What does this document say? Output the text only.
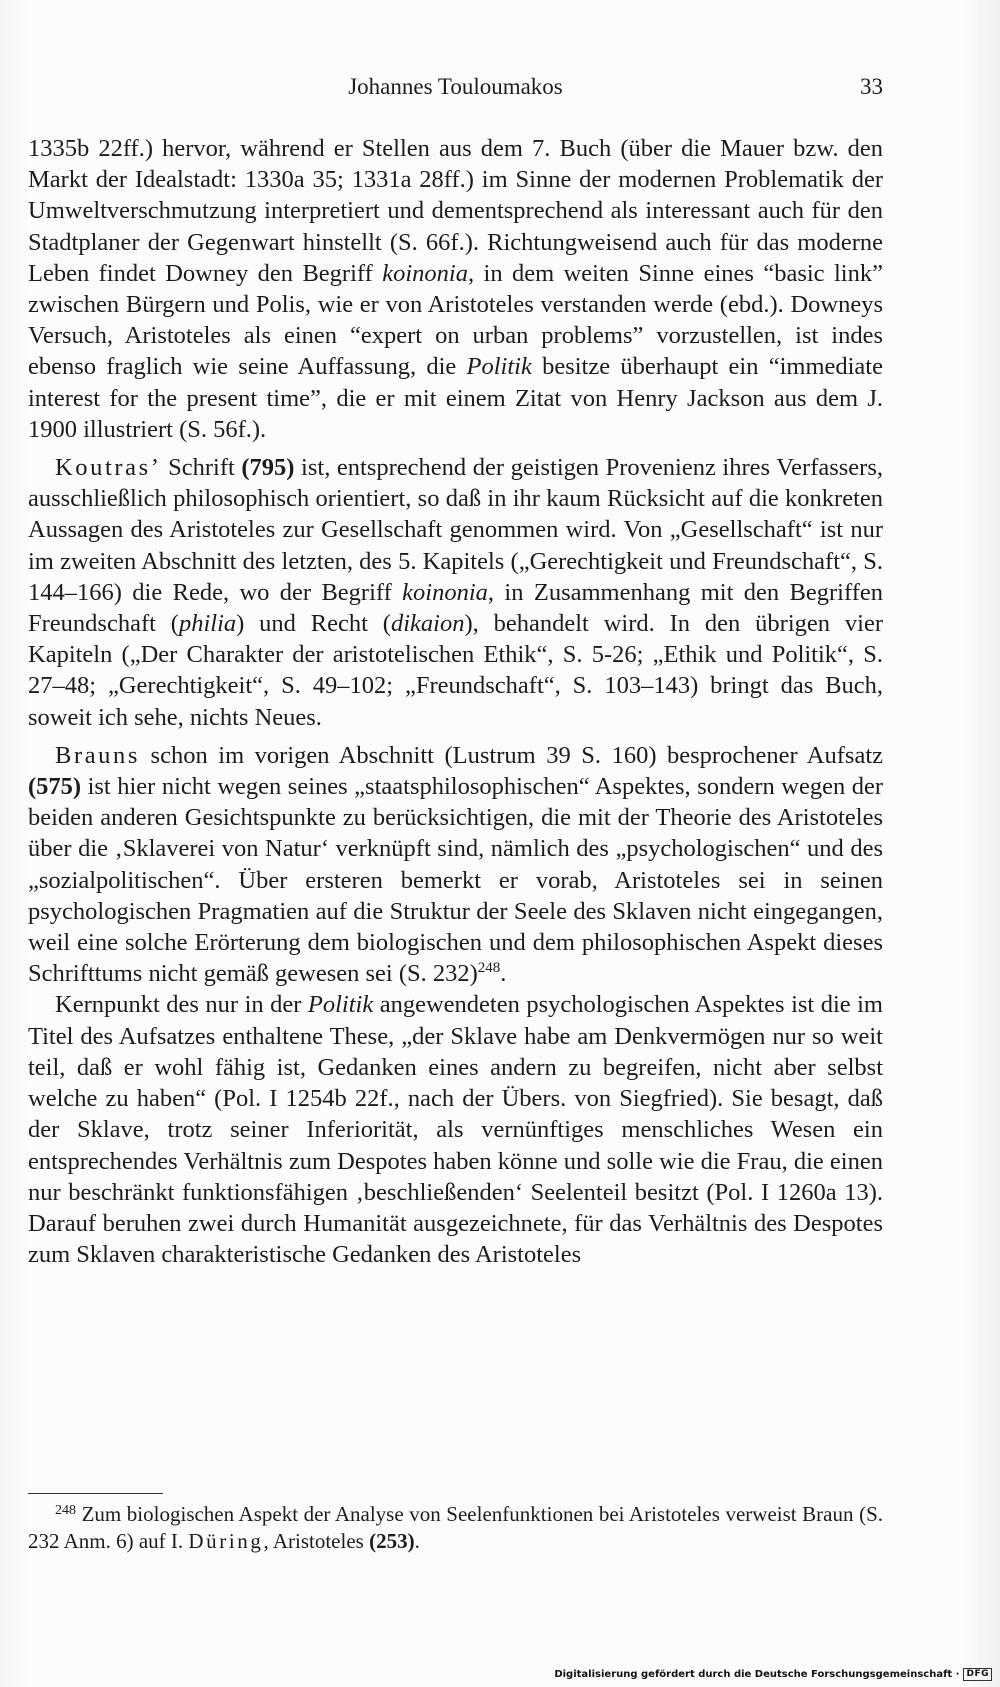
Johannes Touloumakos	33

1335b 22ff.) hervor, während er Stellen aus dem 7. Buch (über die Mauer bzw. den Markt der Idealstadt: 1330a 35; 1331a 28ff.) im Sinne der modernen Problematik der Umweltverschmutzung interpretiert und dementsprechend als interessant auch für den Stadtplaner der Gegenwart hinstellt (S. 66f.). Richtungweisend auch für das moderne Leben findet Downey den Begriff koinonia, in dem weiten Sinne eines “basic link” zwischen Bürgern und Polis, wie er von Aristoteles verstanden werde (ebd.). Downeys Versuch, Aristoteles als einen “expert on urban problems” vorzustellen, ist indes ebenso fraglich wie seine Auffassung, die Politik besitze überhaupt ein “immediate interest for the present time”, die er mit einem Zitat von Henry Jackson aus dem J. 1900 illustriert (S. 56f.).

Koutras’ Schrift (795) ist, entsprechend der geistigen Provenienz ihres Verfassers, ausschließlich philosophisch orientiert, so daß in ihr kaum Rücksicht auf die konkreten Aussagen des Aristoteles zur Gesellschaft genommen wird. Von „Gesellschaft“ ist nur im zweiten Abschnitt des letzten, des 5. Kapitels („Gerechtigkeit und Freundschaft“, S. 144–166) die Rede, wo der Begriff koinonia, in Zusammenhang mit den Begriffen Freundschaft (philia) und Recht (dikaion), behandelt wird. In den übrigen vier Kapiteln („Der Charakter der aristotelischen Ethik“, S. 5-26; „Ethik und Politik“, S. 27–48; „Gerechtigkeit“, S. 49–102; „Freundschaft“, S. 103–143) bringt das Buch, soweit ich sehe, nichts Neues.

Brauns schon im vorigen Abschnitt (Lustrum 39 S. 160) besprochener Aufsatz (575) ist hier nicht wegen seines „staatsphilosophischen“ Aspektes, sondern wegen der beiden anderen Gesichtspunkte zu berücksichtigen, die mit der Theorie des Aristoteles über die ‚Sklaverei von Natur‘ verknüpft sind, nämlich des „psychologischen“ und des „sozialpolitischen“. Über ersteren bemerkt er vorab, Aristoteles sei in seinen psychologischen Pragmatien auf die Struktur der Seele des Sklaven nicht eingegangen, weil eine solche Erörterung dem biologischen und dem philosophischen Aspekt dieses Schrifttums nicht gemäß gewesen sei (S. 232)$^{248}$.

Kernpunkt des nur in der Politik angewendeten psychologischen Aspektes ist die im Titel des Aufsatzes enthaltene These, „der Sklave habe am Denkvermögen nur so weit teil, daß er wohl fähig ist, Gedanken eines andern zu begreifen, nicht aber selbst welche zu haben“ (Pol. I 1254b 22f., nach der Übers. von Siegfried). Sie besagt, daß der Sklave, trotz seiner Inferiorität, als vernünftiges menschliches Wesen ein entsprechendes Verhältnis zum Despotes haben könne und solle wie die Frau, die einen nur beschränkt funktionsfähigen ‚beschließenden‘ Seelenteil besitzt (Pol. I 1260a 13). Darauf beruhen zwei durch Humanität ausgezeichnete, für das Verhältnis des Despotes zum Sklaven charakteristische Gedanken des Aristoteles

$^{248}$ Zum biologischen Aspekt der Analyse von Seelenfunktionen bei Aristoteles verweist Braun (S. 232 Anm. 6) auf I. Düring, Aristoteles (253).

Digitalisierung gefördert durch die Deutsche Forschungsgemeinschaft · DFG
